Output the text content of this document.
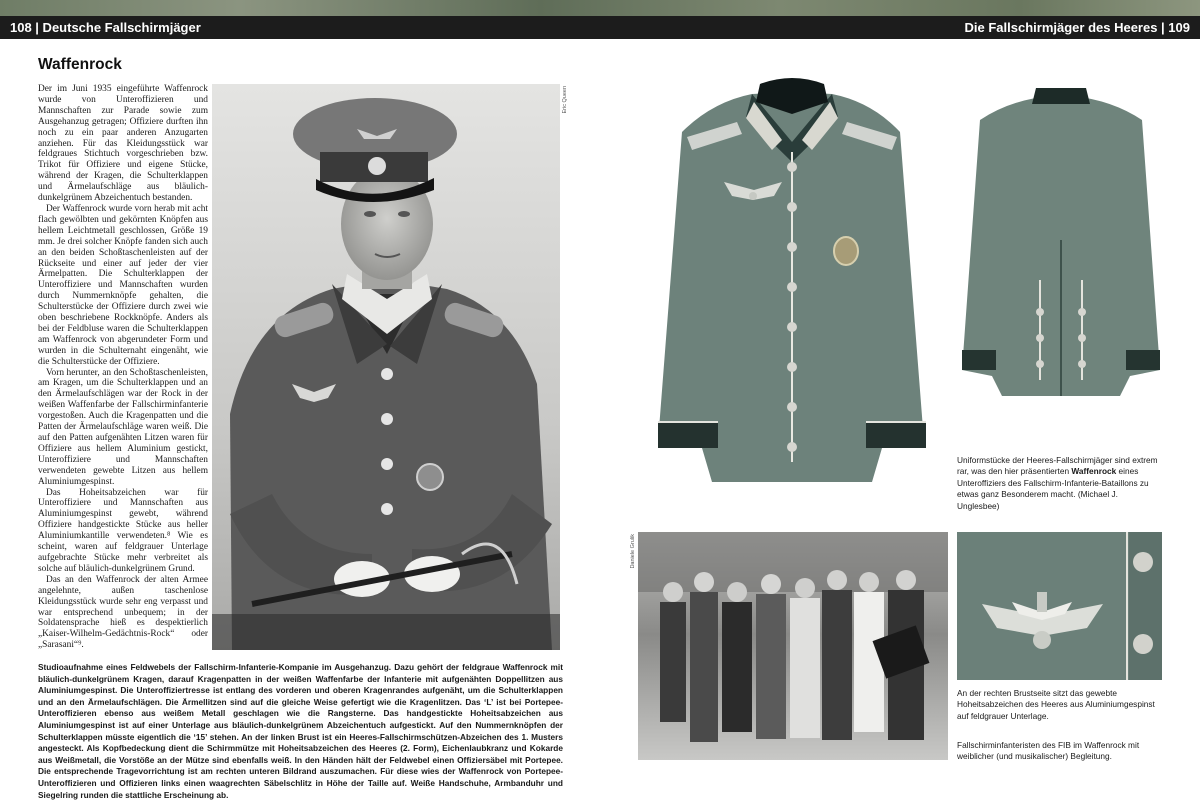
108 | Deutsche Fallschirmjäger	Die Fallschirmjäger des Heeres | 109
Waffenrock

Der im Juni 1935 eingeführte Waffenrock wurde von Unteroffizieren und Mannschaften zur Parade sowie zum Ausgehanzug getragen; Offiziere durften ihn noch zu ein paar anderen Anzugarten anziehen. Für das Kleidungsstück war feldgraues Stichtuch vorgeschrieben bzw. Trikot für Offiziere und eigene Stücke, während der Kragen, die Schulterklappen und Ärmelaufschläge aus bläulich-dunkelgrünem Abzeichentuch bestanden.

Der Waffenrock wurde vorn herab mit acht flach gewölbten und gekörnten Knöpfen aus hellem Leichtmetall geschlossen, Größe 19 mm. Je drei solcher Knöpfe fanden sich auch an den beiden Schoßtaschenleisten auf der Rückseite und einer auf jeder der vier Ärmelpatten. Die Schulterklappen der Unteroffiziere und Mannschaften wurden durch Nummernknöpfe gehalten, die Schulterstücke der Offiziere durch zwei wie oben beschriebene Rockknöpfe. Anders als bei der Feldbluse waren die Schulterklappen am Waffenrock von abgerundeter Form und wurden in die Schulternaht eingenäht, wie die Schulterstücke der Offiziere.

Vorn herunter, an den Schoßtaschenleisten, am Kragen, um die Schulterklappen und an den Ärmelaufschlägen war der Rock in der weißen Waffenfarbe der Fallschirminfanterie vorgestoßen. Auch die Kragenpatten und die Patten der Ärmelaufschläge waren weiß. Die auf den Patten aufgenähten Litzen waren für Offiziere aus hellem Aluminium gestickt, Unteroffiziere und Mannschaften verwendeten gewebte Litzen aus hellem Aluminiumgespinst.

Das Hoheitsabzeichen war für Unteroffiziere und Mannschaften aus Aluminiumgespinst gewebt, während Offiziere handgestickte Stücke aus heller Aluminiumkantille verwendeten.⁸ Wie es scheint, waren auf feldgrauer Unterlage aufgebrachte Stücke mehr verbreitet als solche auf bläulich-dunkelgrünem Grund.

Das an den Waffenrock der alten Armee angelehnte, außen taschenlose Kleidungsstück wurde sehr eng verpasst und war entsprechend unbequem; in der Soldatensprache hieß es despektierlich „Kaiser-Wilhelm-Gedächtnis-Rock“ oder „Sarasani“⁹.

Eric Queen
Uniformstücke der Heeres-Fallschirmjäger sind extrem rar, was den hier präsentierten Waffenrock eines Unteroffiziers des Fallschirm-Infanterie-Bataillons zu etwas ganz Besonderem macht. (Michael J. Unglesbee)
Daniele Grulik
An der rechten Brustseite sitzt das gewebte Hoheitsabzeichen des Heeres aus Aluminiumgespinst auf feldgrauer Unterlage.
Fallschirminfanteristen des FIB im Waffenrock mit weiblicher (und musikalischer) Begleitung.
Studioaufnahme eines Feldwebels der Fallschirm-Infanterie-Kompanie im Ausgehanzug. Dazu gehört der feldgraue Waffenrock mit bläulich-dunkelgrünem Kragen, darauf Kragenpatten in der weißen Waffenfarbe der Infanterie mit aufgenähten Doppellitzen aus Aluminiumgespinst. Die Unteroffiziertresse ist entlang des vorderen und oberen Kragenrandes aufgenäht, um die Schulterklappen und an den Ärmelaufschlägen. Die Ärmellitzen sind auf die gleiche Weise gefertigt wie die Kragenlitzen. Das ‘L’ ist bei Portepee-Unteroffizieren ebenso aus weißem Metall geschlagen wie die Rangsterne. Das handgestickte Hoheitsabzeichen aus Aluminiumgespinst ist auf einer Unterlage aus bläulich-dunkelgrünem Abzeichentuch aufgestickt. Auf den Nummernknöpfen der Schulterklappen müsste eigentlich die ‘15’ stehen. An der linken Brust ist ein Heeres-Fallschirmschützen-Abzeichen des 1. Musters angesteckt. Als Kopfbedeckung dient die Schirmmütze mit Hoheitsabzeichen des Heeres (2. Form), Eichenlaubkranz und Kokarde aus Weißmetall, die Vorstöße an der Mütze sind ebenfalls weiß. In den Händen hält der Feldwebel einen Offiziersäbel mit Portepee. Die entsprechende Tragevorrichtung ist am rechten unteren Bildrand auszumachen. Für diese wies der Waffenrock von Portepee-Unteroffizieren und Offizieren links einen waagrechten Säbelschlitz in Höhe der Taille auf. Weiße Handschuhe, Armbanduhr und Siegelring runden die stattliche Erscheinung ab.
